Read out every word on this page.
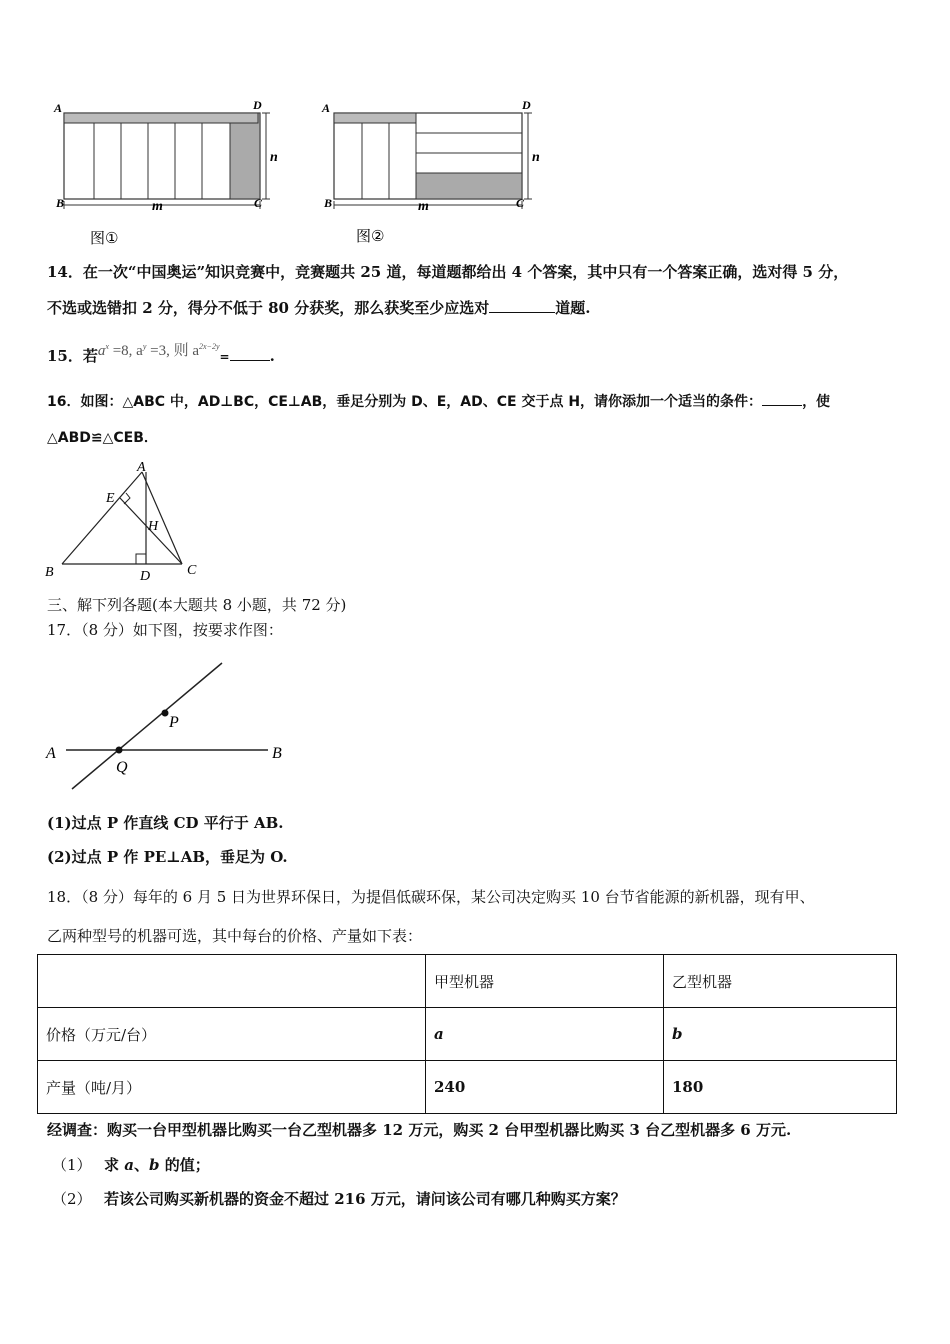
A	D
B	C
n
m
图①
A	D
B	C
n
m
图②
14．在一次“中国奥运”知识竞赛中，竞赛题共 25 道，每道题都给出 4 个答案，其中只有一个答案正确，选对得 5 分，
不选或选错扣 2 分，得分不低于 80 分获奖，那么获奖至少应选对	道题.
15．若$a^x =8$, $a^y =3$, 则 $a^{2x-2y}=$	.
16．如图：△ABC 中，AD⊥BC，CE⊥AB，垂足分别为 D、E，AD、CE 交于点 H，请你添加一个适当的条件：	，使
△ABD≌△CEB．
A
E
H
B	D	C
三、解下列各题(本大题共 8 小题，共 72 分)
17．（8 分）如下图，按要求作图：
A	B
P
Q
(1)过点 P 作直线 CD 平行于 AB.
(2)过点 P 作 PE⊥AB，垂足为 O.
18．（8 分）每年的 6 月 5 日为世界环保日，为提倡低碳环保，某公司决定购买 10 台节省能源的新机器，现有甲、
乙两种型号的机器可选，其中每台的价格、产量如下表：
	甲型机器	乙型机器
价格（万元/台）	a	b
产量（吨/月）	240	180
经调查：购买一台甲型机器比购买一台乙型机器多 12 万元，购买 2 台甲型机器比购买 3 台乙型机器多 6 万元.
（1） 求 a、b 的值；
（2） 若该公司购买新机器的资金不超过 216 万元，请问该公司有哪几种购买方案？
